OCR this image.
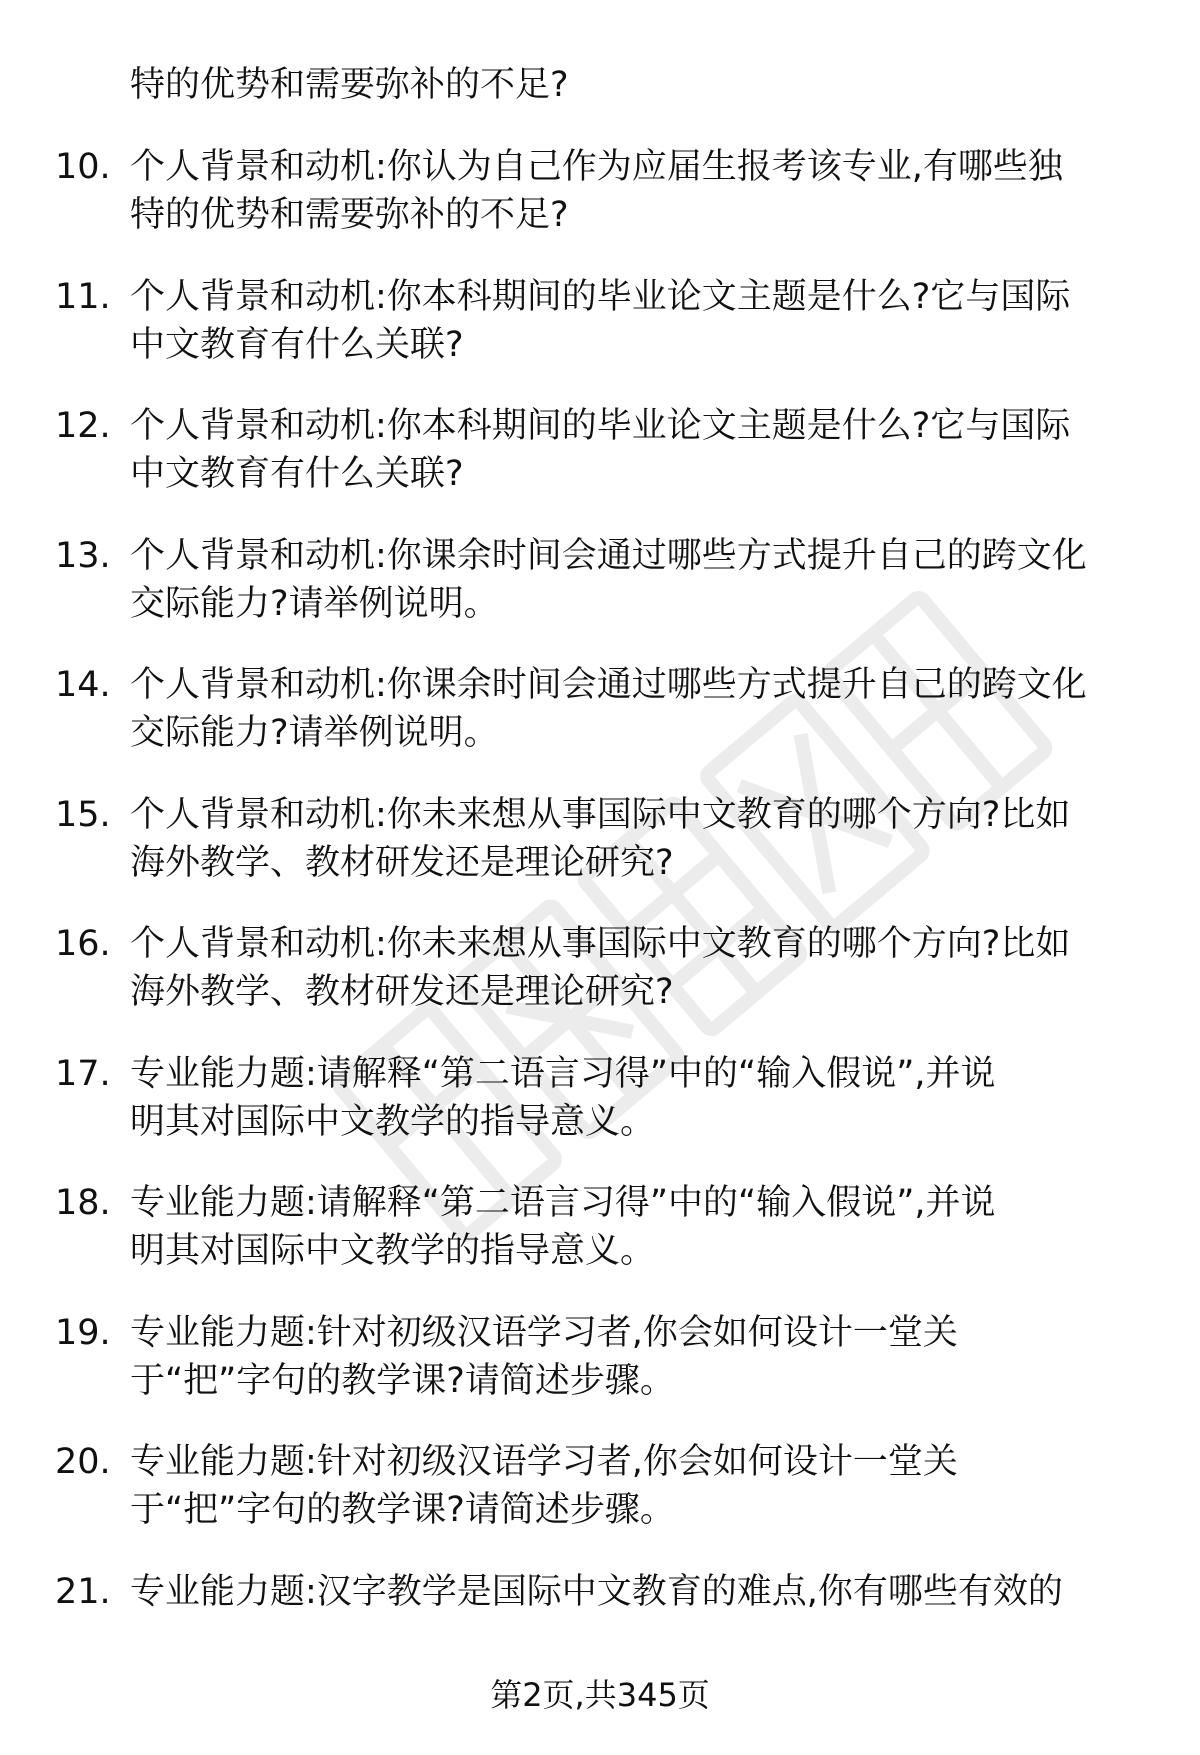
特的优势和需要弥补的不足?
10. 个人背景和动机:你认为自己作为应届生报考该专业,有哪些独
特的优势和需要弥补的不足?
11. 个人背景和动机:你本科期间的毕业论文主题是什么?它与国际
中文教育有什么关联?
12. 个人背景和动机:你本科期间的毕业论文主题是什么?它与国际
中文教育有什么关联?
13. 个人背景和动机:你课余时间会通过哪些方式提升自己的跨文化
交际能力?请举例说明。
14. 个人背景和动机:你课余时间会通过哪些方式提升自己的跨文化
交际能力?请举例说明。
15. 个人背景和动机:你未来想从事国际中文教育的哪个方向?比如
海外教学、教材研发还是理论研究?
16. 个人背景和动机:你未来想从事国际中文教育的哪个方向?比如
海外教学、教材研发还是理论研究?
17. 专业能力题:请解释“第二语言习得”中的“输入假说”,并说
明其对国际中文教学的指导意义。
18. 专业能力题:请解释“第二语言习得”中的“输入假说”,并说
明其对国际中文教学的指导意义。
19. 专业能力题:针对初级汉语学习者,你会如何设计一堂关
于“把”字句的教学课?请简述步骤。
20. 专业能力题:针对初级汉语学习者,你会如何设计一堂关
于“把”字句的教学课?请简述步骤。
21. 专业能力题:汉字教学是国际中文教育的难点,你有哪些有效的
第2页,共345页
